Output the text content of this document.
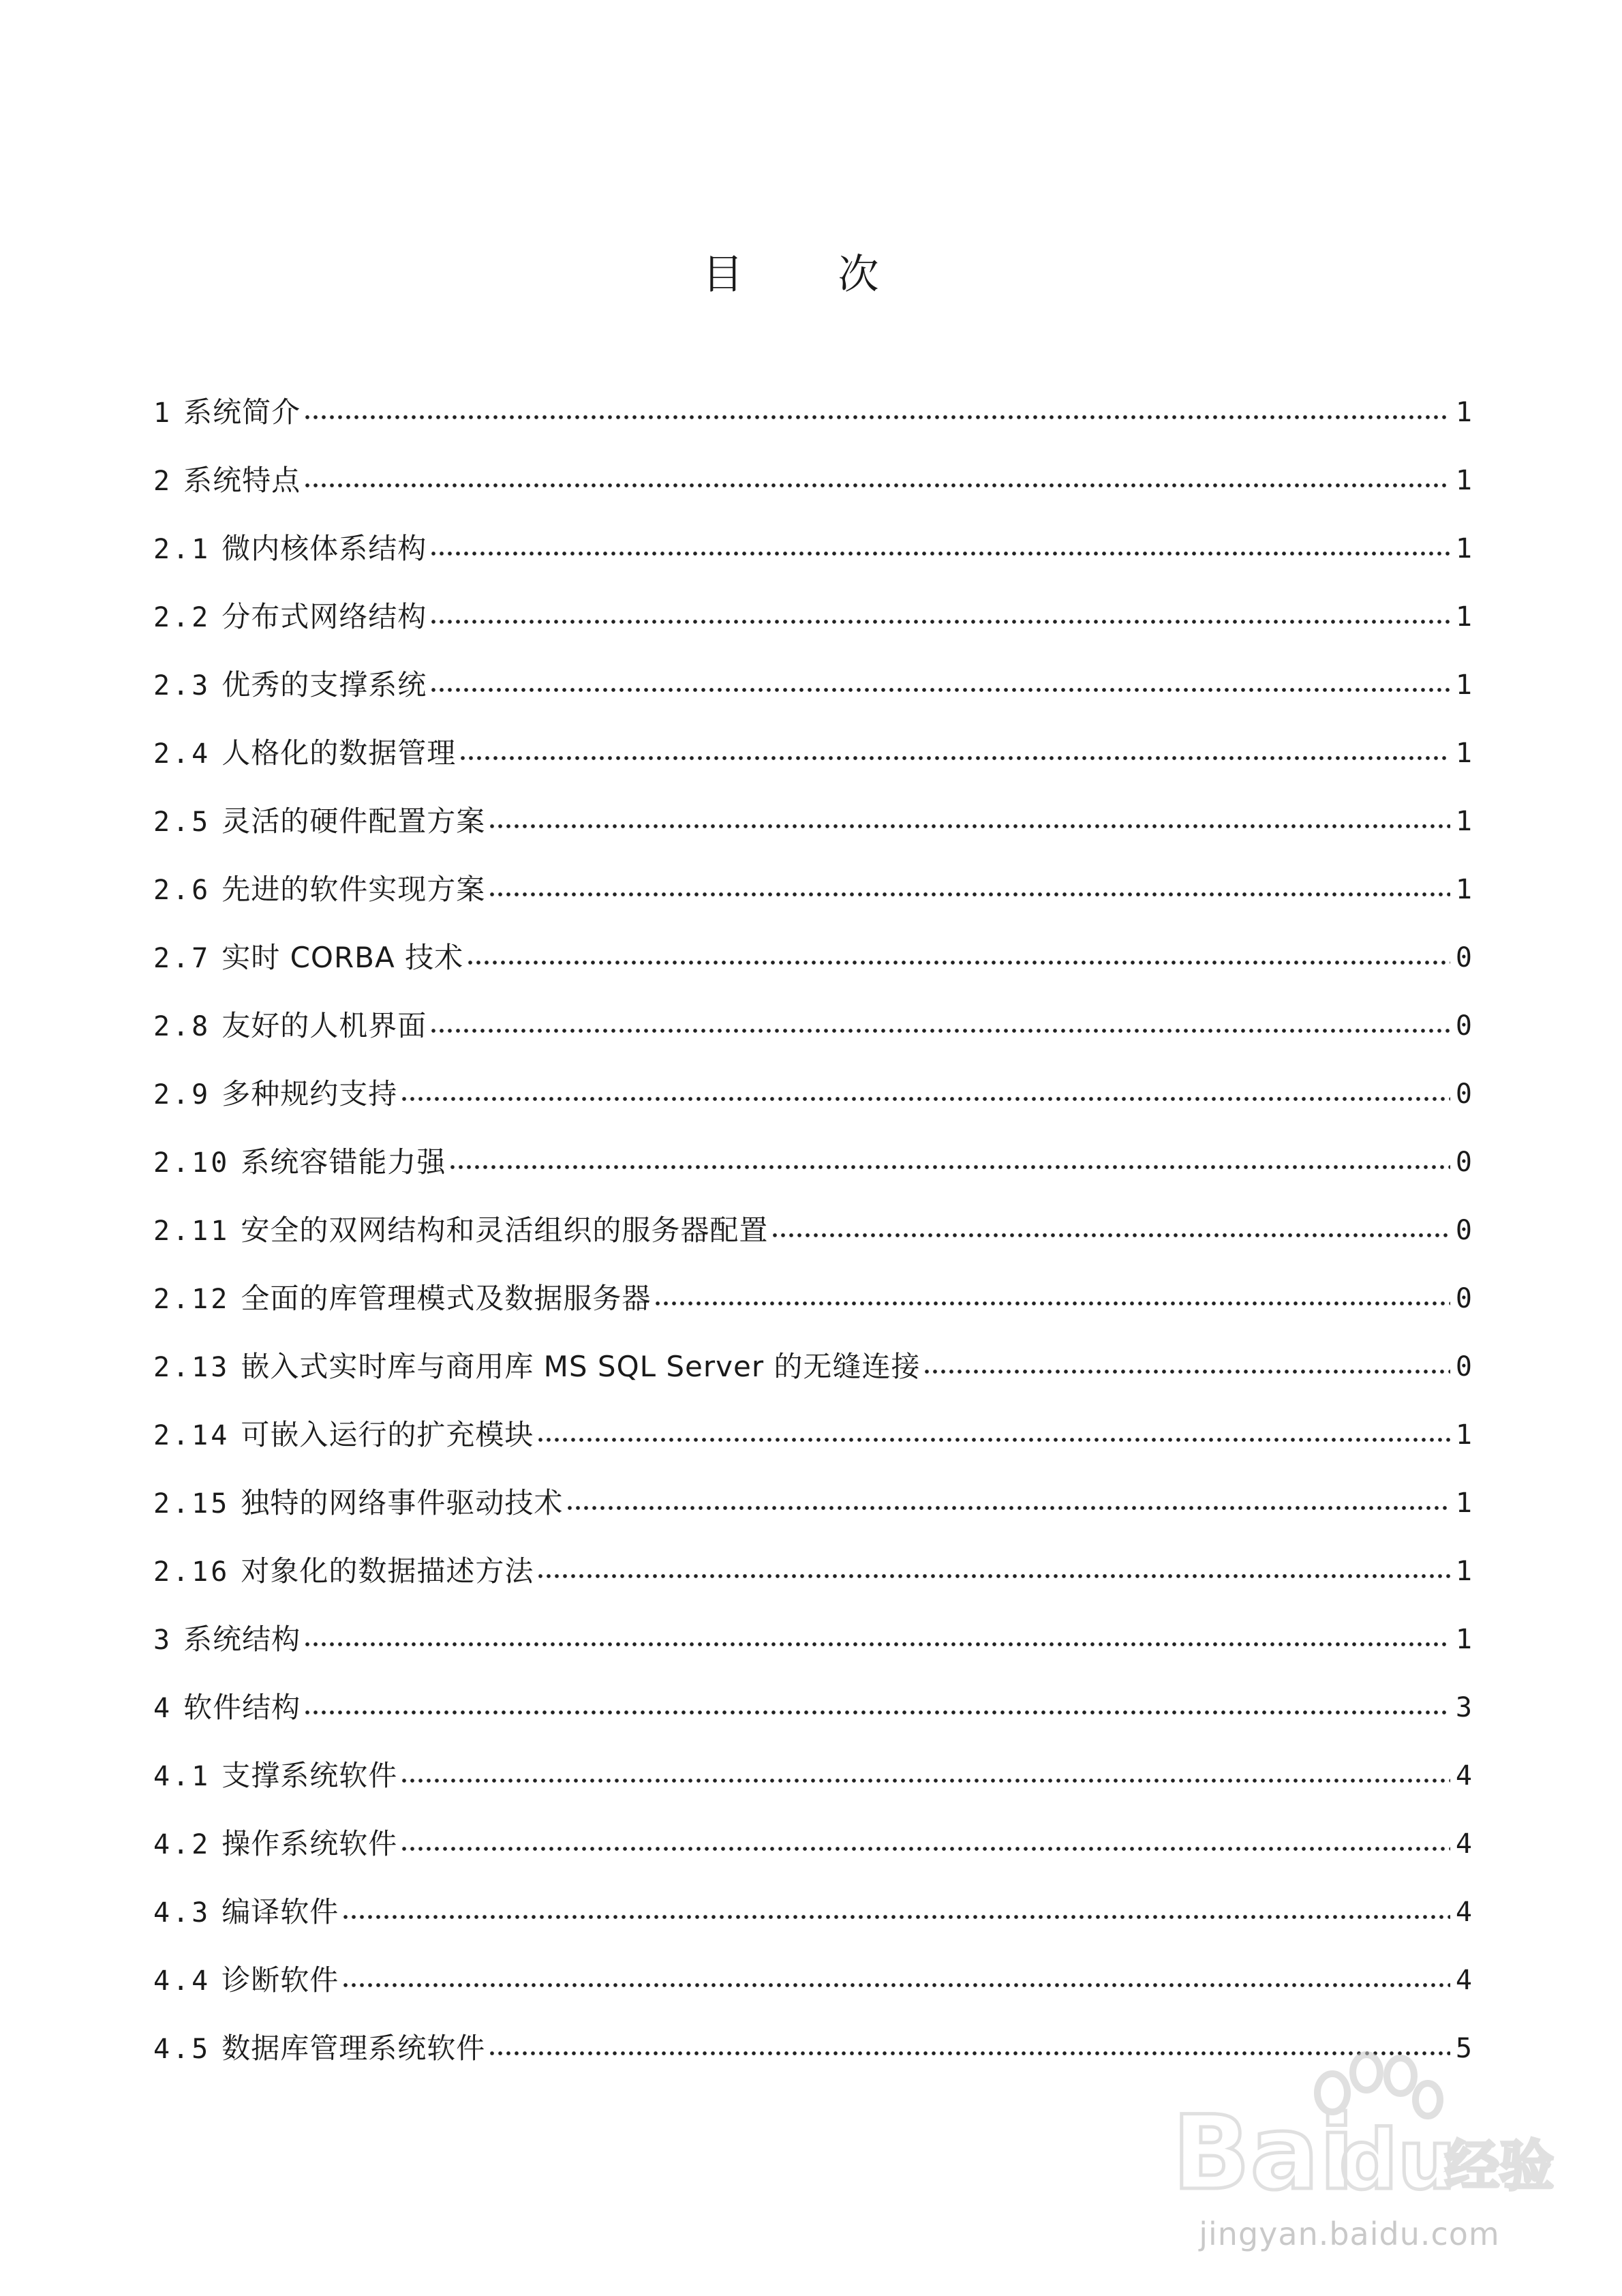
目 次
1 系统简介	1
2 系统特点	1
2.1 微内核体系结构	1
2.2 分布式网络结构	1
2.3 优秀的支撑系统	1
2.4 人格化的数据管理	1
2.5 灵活的硬件配置方案	1
2.6 先进的软件实现方案	1
2.7 实时 CORBA 技术	0
2.8 友好的人机界面	0
2.9 多种规约支持	0
2.10 系统容错能力强	0
2.11 安全的双网结构和灵活组织的服务器配置	0
2.12 全面的库管理模式及数据服务器	0
2.13 嵌入式实时库与商用库 MS SQL Server 的无缝连接	0
2.14 可嵌入运行的扩充模块	1
2.15 独特的网络事件驱动技术	1
2.16 对象化的数据描述方法	1
3 系统结构	1
4 软件结构	3
4.1 支撑系统软件	4
4.2 操作系统软件	4
4.3 编译软件	4
4.4 诊断软件	4
4.5 数据库管理系统软件	5
Bai
du
经验
jingyan.baidu.com
